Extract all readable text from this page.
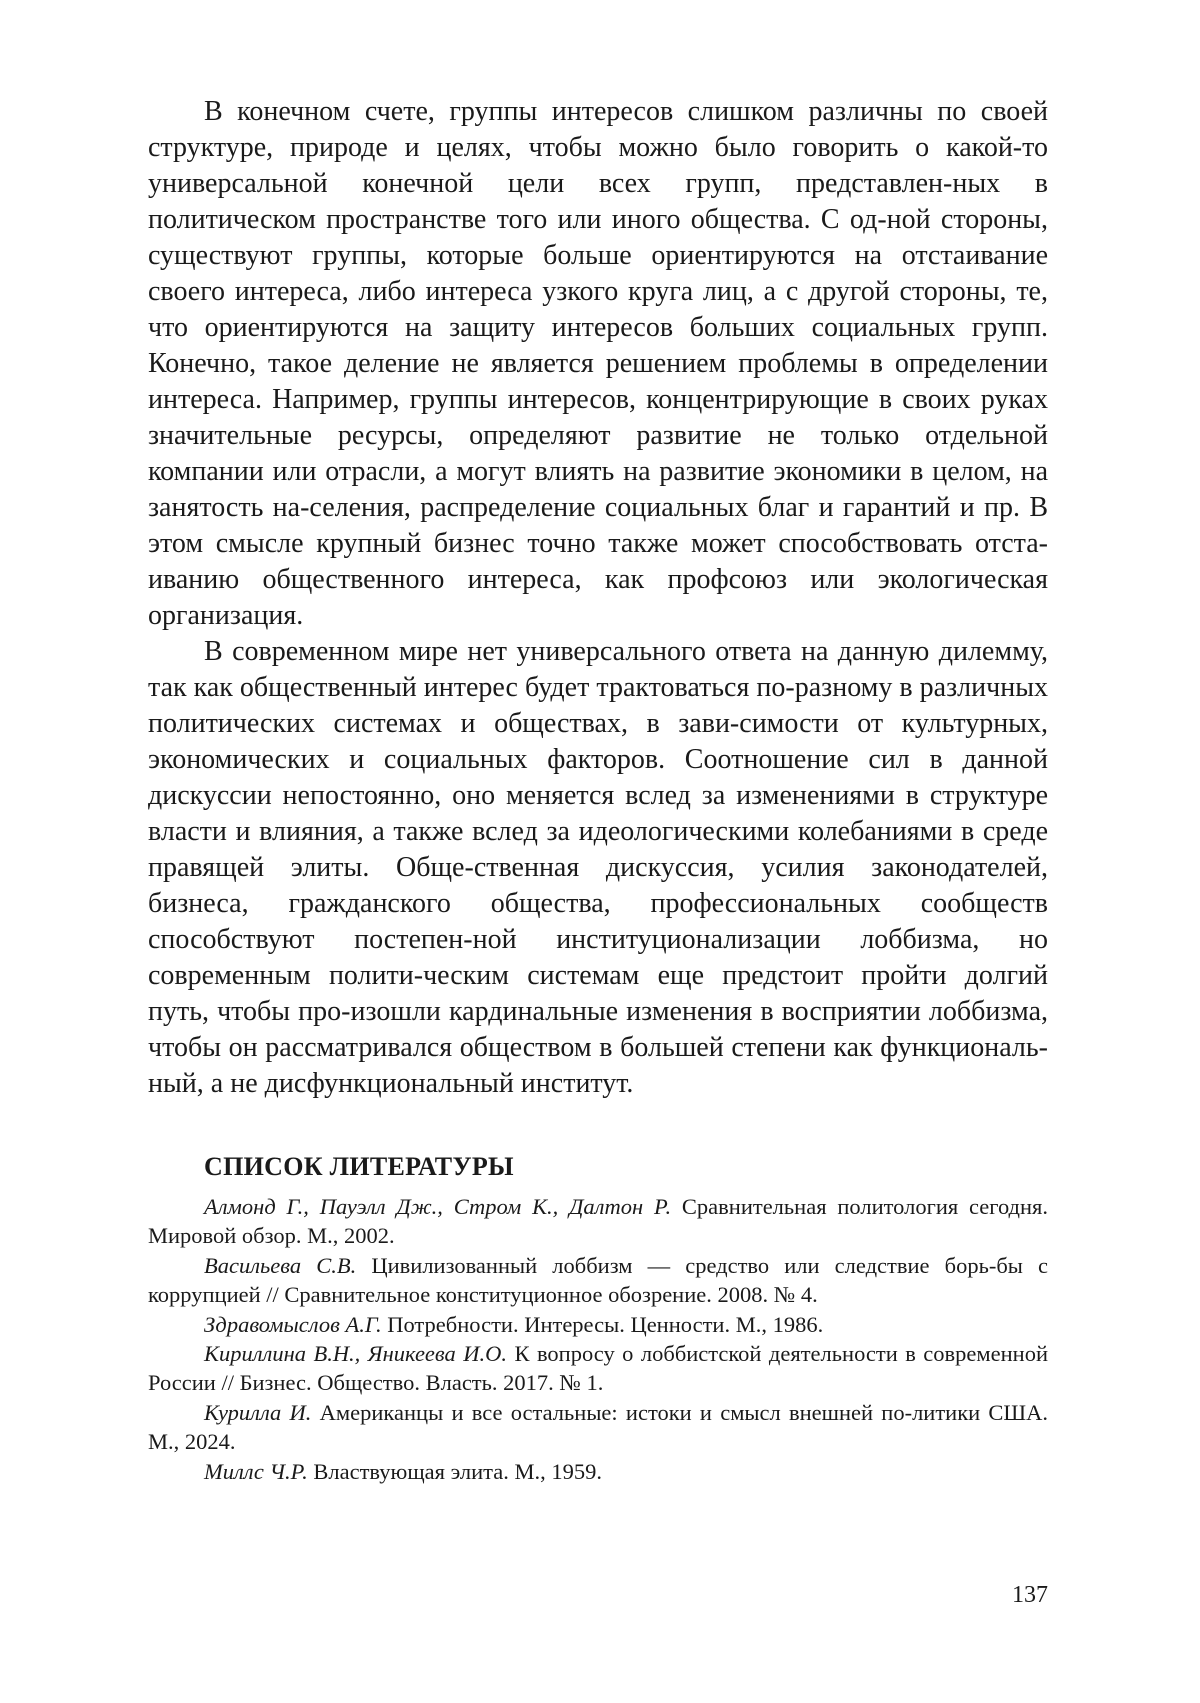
В конечном счете, группы интересов слишком различны по своей структуре, природе и целях, чтобы можно было говорить о какой-то универсальной конечной цели всех групп, представлен-ных в политическом пространстве того или иного общества. С од-ной стороны, существуют группы, которые больше ориентируются на отстаивание своего интереса, либо интереса узкого круга лиц, а с другой стороны, те, что ориентируются на защиту интересов больших социальных групп. Конечно, такое деление не является решением проблемы в определении интереса. Например, группы интересов, концентрирующие в своих руках значительные ресурсы, определяют развитие не только отдельной компании или отрасли, а могут влиять на развитие экономики в целом, на занятость на-селения, распределение социальных благ и гарантий и пр. В этом смысле крупный бизнес точно также может способствовать отста-иванию общественного интереса, как профсоюз или экологическая организация.

В современном мире нет универсального ответа на данную дилемму, так как общественный интерес будет трактоваться по-разному в различных политических системах и обществах, в зави-симости от культурных, экономических и социальных факторов. Соотношение сил в данной дискуссии непостоянно, оно меняется вслед за изменениями в структуре власти и влияния, а также вслед за идеологическими колебаниями в среде правящей элиты. Обще-ственная дискуссия, усилия законодателей, бизнеса, гражданского общества, профессиональных сообществ способствуют постепен-ной институционализации лоббизма, но современным полити-ческим системам еще предстоит пройти долгий путь, чтобы про-изошли кардинальные изменения в восприятии лоббизма, чтобы он рассматривался обществом в большей степени как функциональ-ный, а не дисфункциональный институт.

СПИСОК ЛИТЕРАТУРЫ

Алмонд Г., Пауэлл Дж., Стром К., Далтон Р. Сравнительная политология сегодня. Мировой обзор. М., 2002.

Васильева С.В. Цивилизованный лоббизм — средство или следствие борь-бы с коррупцией // Сравнительное конституционное обозрение. 2008. № 4.

Здравомыслов А.Г. Потребности. Интересы. Ценности. М., 1986.

Кириллина В.Н., Яникеева И.О. К вопросу о лоббистской деятельности в современной России // Бизнес. Общество. Власть. 2017. № 1.

Курилла И. Американцы и все остальные: истоки и смысл внешней по-литики США. М., 2024.

Миллс Ч.Р. Властвующая элита. М., 1959.

137
